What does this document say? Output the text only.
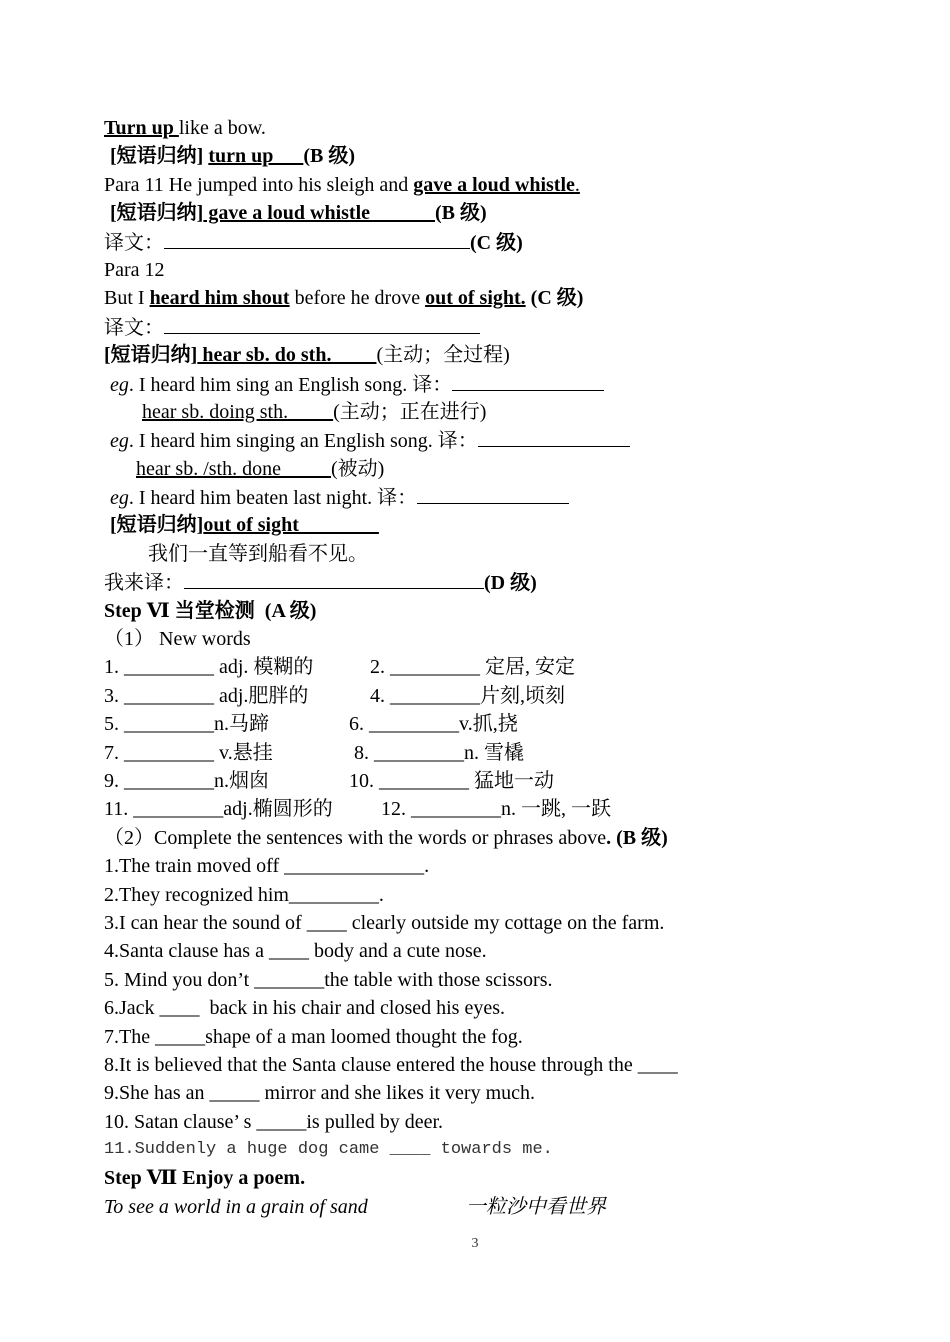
Turn up like a bow.
[短语归纳] turn up      (B 级)
Para 11 He jumped into his sleigh and gave a loud whistle.
[短语归纳] gave a loud whistle             (B 级)
译文：	(C 级)
Para 12
But I heard him shout before he drove out of sight. (C 级)
译文：
[短语归纳] hear sb. do sth.         (主动；全过程)
eg. I heard him sing an English song. 译：
hear sb. doing sth.         (主动；正在进行)
eg. I heard him singing an English song. 译：
hear sb. /sth. done          (被动)
eg. I heard him beaten last night. 译：
[短语归纳]out of sight
我们一直等到船看不见。
我来译：	(D 级)
Step Ⅵ 当堂检测  (A 级)
（1） New words
1. _________ adj. 模糊的	2. _________ 定居, 安定
3. _________ adj.肥胖的	4. _________片刻,顷刻
5. _________n.马蹄	6. _________v.抓,挠
7. _________ v.悬挂	8. _________n. 雪橇
9. _________n.烟囱	10. _________ 猛地一动
11. _________adj.椭圆形的 12. _________n. 一跳, 一跃
（2）Complete the sentences with the words or phrases above. (B 级)
1.The train moved off ______________.
2.They recognized him_________.
3.I can hear the sound of ____ clearly outside my cottage on the farm.
4.Santa clause has a ____ body and a cute nose.
5. Mind you don’t _______the table with those scissors.
6.Jack ____  back in his chair and closed his eyes.
7.The _____shape of a man loomed thought the fog.
8.It is believed that the Santa clause entered the house through the ____
9.She has an _____ mirror and she likes it very much.
10. Satan clause’ s _____is pulled by deer.
11.Suddenly a huge dog came ____ towards me.
Step Ⅶ Enjoy a poem.
To see a world in a grain of sand	一粒沙中看世界
3
